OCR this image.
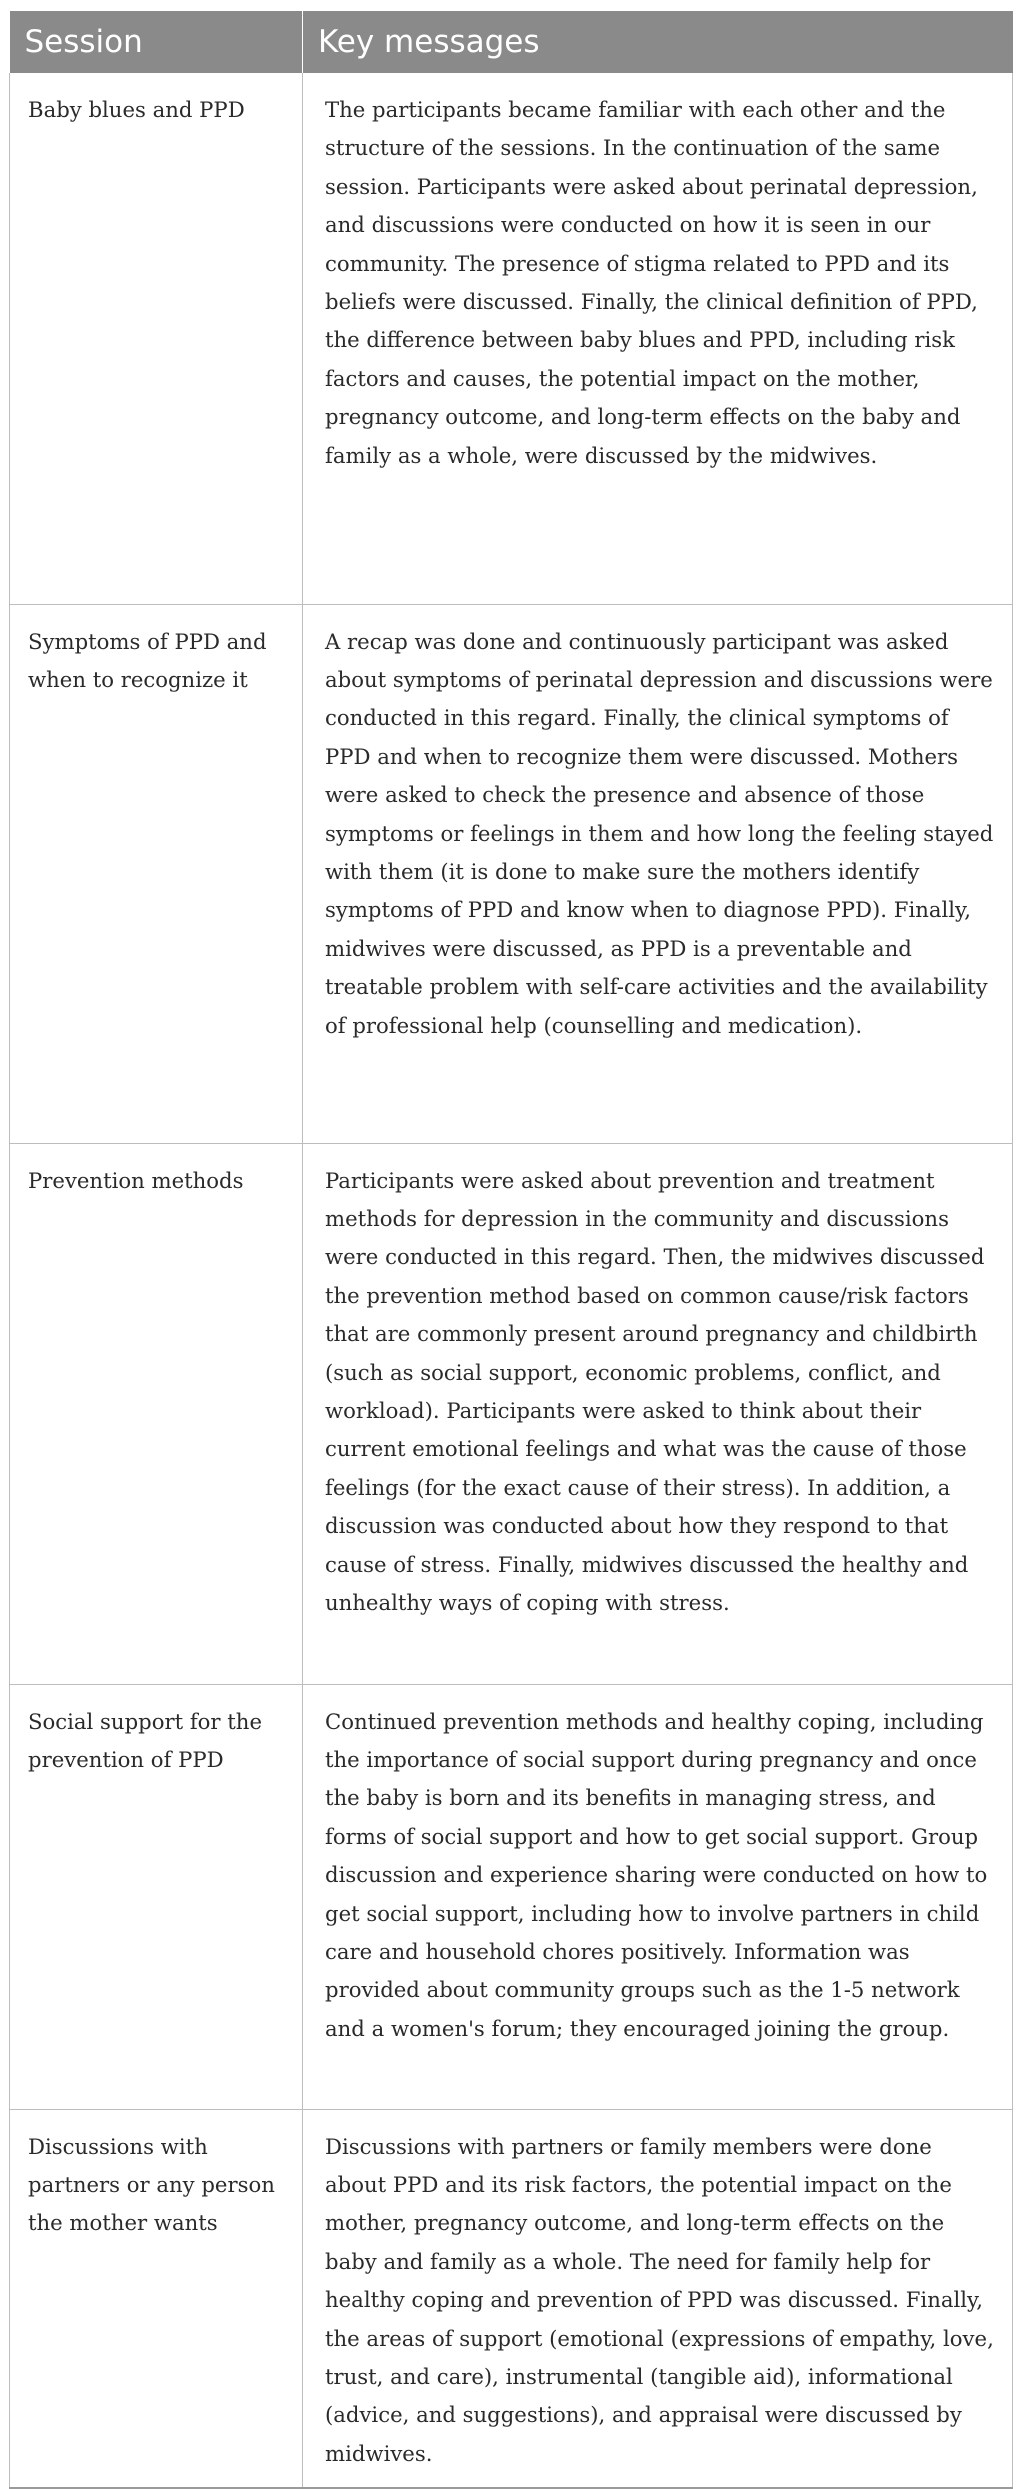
Session	Key messages
Baby blues and PPD	The participants became familiar with each other and the structure of the sessions. In the continuation of the same session. Participants were asked about perinatal depression, and discussions were conducted on how it is seen in our community. The presence of stigma related to PPD and its beliefs were discussed. Finally, the clinical definition of PPD, the difference between baby blues and PPD, including risk factors and causes, the potential impact on the mother, pregnancy outcome, and long-term effects on the baby and family as a whole, were discussed by the midwives.
Symptoms of PPD and when to recognize it	A recap was done and continuously participant was asked about symptoms of perinatal depression and discussions were conducted in this regard. Finally, the clinical symptoms of PPD and when to recognize them were discussed. Mothers were asked to check the presence and absence of those symptoms or feelings in them and how long the feeling stayed with them (it is done to make sure the mothers identify symptoms of PPD and know when to diagnose PPD). Finally, midwives were discussed, as PPD is a preventable and treatable problem with self-care activities and the availability of professional help (counselling and medication).
Prevention methods	Participants were asked about prevention and treatment methods for depression in the community and discussions were conducted in this regard. Then, the midwives discussed the prevention method based on common cause/risk factors that are commonly present around pregnancy and childbirth (such as social support, economic problems, conflict, and workload). Participants were asked to think about their current emotional feelings and what was the cause of those feelings (for the exact cause of their stress). In addition, a discussion was conducted about how they respond to that cause of stress. Finally, midwives discussed the healthy and unhealthy ways of coping with stress.
Social support for the prevention of PPD	Continued prevention methods and healthy coping, including the importance of social support during pregnancy and once the baby is born and its benefits in managing stress, and forms of social support and how to get social support. Group discussion and experience sharing were conducted on how to get social support, including how to involve partners in child care and household chores positively. Information was provided about community groups such as the 1-5 network and a women's forum; they encouraged joining the group.
Discussions with partners or any person the mother wants	Discussions with partners or family members were done about PPD and its risk factors, the potential impact on the mother, pregnancy outcome, and long-term effects on the baby and family as a whole. The need for family help for healthy coping and prevention of PPD was discussed. Finally, the areas of support (emotional (expressions of empathy, love, trust, and care), instrumental (tangible aid), informational (advice, and suggestions), and appraisal were discussed by midwives.
